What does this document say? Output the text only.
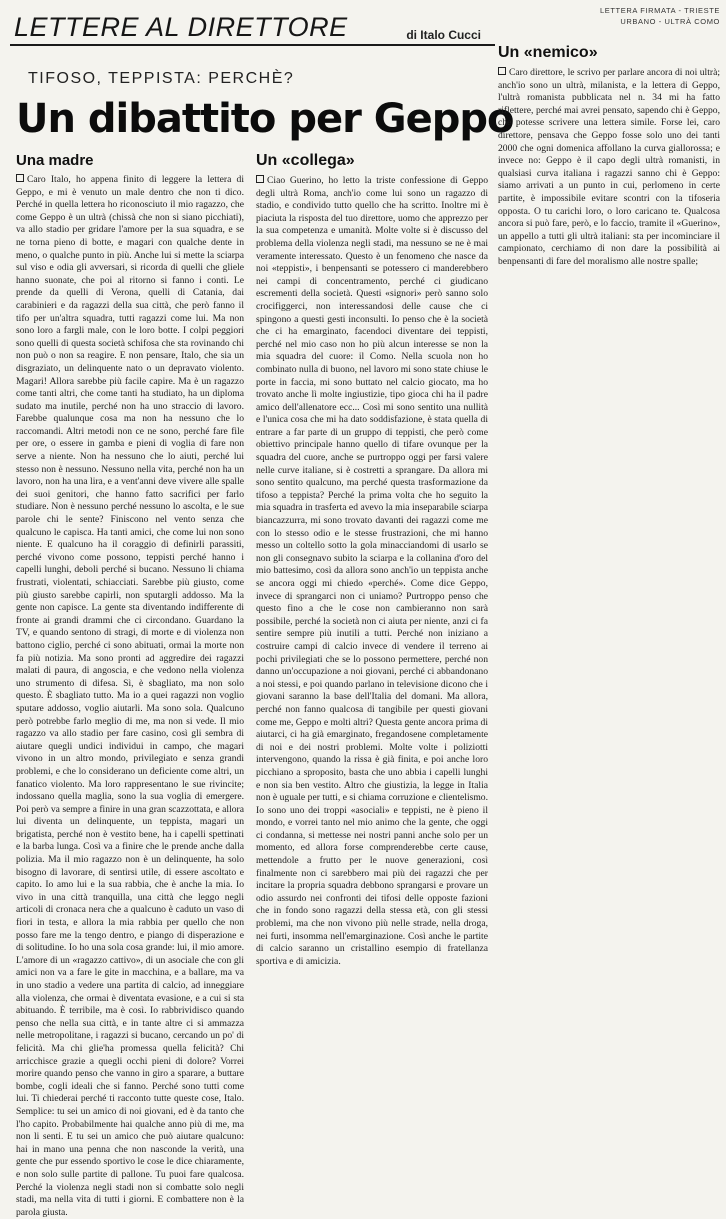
LETTERE AL DIRETTORE	di Italo Cucci
TIFOSO, TEPPISTA: PERCHÈ?
Un dibattito per Geppo
Una madre

Caro Italo, ho appena finito di leggere la lettera di Geppo, e mi è venuto un male dentro che non ti dico. Perché in quella lettera ho riconosciuto il mio ragazzo, che come Geppo è un ultrà (chissà che non si siano picchiati), va allo stadio per gridare l'amore per la sua squadra, e se ne torna pieno di botte, e magari con qualche dente in meno, o qualche punto in più. Anche lui si mette la sciarpa sul viso e odia gli avversari, si ricorda di quelli che gliele hanno suonate, che poi al ritorno si fanno i conti. Le prende da quelli di Verona, quelli di Catania, dai carabinieri e da ragazzi della sua città, che però fanno il tifo per un'altra squadra, tutti ragazzi come lui. Ma non sono loro a fargli male, con le loro botte. I colpi peggiori sono quelli di questa società schifosa che sta rovinando chi non può o non sa reagire. E non pensare, Italo, che sia un disgraziato, un delinquente nato o un depravato violento. Magari! Allora sarebbe più facile capire. Ma è un ragazzo come tanti altri, che come tanti ha studiato, ha un diploma sudato ma inutile, perché non ha uno straccio di lavoro. Farebbe qualunque cosa ma non ha nessuno che lo raccomandi. Altri metodi non ce ne sono, perché fare file per ore, o essere in gamba e pieni di voglia di fare non serve a niente. Non ha nessuno che lo aiuti, perché lui stesso non è nessuno. Nessuno nella vita, perché non ha un lavoro, non ha una lira, e a vent'anni deve vivere alle spalle dei suoi genitori, che hanno fatto sacrifici per farlo studiare. Non è nessuno perché nessuno lo ascolta, e le sue parole chi le sente? Finiscono nel vento senza che qualcuno le capisca. Ha tanti amici, che come lui non sono niente. E qualcuno ha il coraggio di definirli parassiti, perché vivono come possono, teppisti perché hanno i capelli lunghi, deboli perché si bucano. Nessuno li chiama frustrati, violentati, schiacciati. Sarebbe più giusto, come più giusto sarebbe capirli, non sputargli addosso. Ma la gente non capisce. La gente sta diventando indifferente di fronte ai grandi drammi che ci circondano. Guardano la TV, e quando sentono di stragi, di morte e di violenza non battono ciglio, perché ci sono abituati, ormai la morte non fa più notizia. Ma sono pronti ad aggredire dei ragazzi malati di paura, di angoscia, e che vedono nella violenza uno strumento di difesa. Sì, è sbagliato, ma non solo questo. È sbagliato tutto. Ma io a quei ragazzi non voglio sputare addosso, voglio aiutarli. Ma sono sola. Qualcuno però potrebbe farlo meglio di me, ma non si vede. Il mio ragazzo va allo stadio per fare casino, così gli sembra di aiutare quegli undici individui in campo, che magari vivono in un altro mondo, privilegiato e senza grandi problemi, e che lo considerano un deficiente come altri, un fanatico violento. Ma loro rappresentano le sue rivincite; indossano quella maglia, sono la sua voglia di emergere. Poi però va sempre a finire in una gran scazzottata, e allora lui diventa un delinquente, un teppista, magari un brigatista, perché non è vestito bene, ha i capelli spettinati e la barba lunga. Così va a finire che le prende anche dalla polizia. Ma il mio ragazzo non è un delinquente, ha solo bisogno di lavorare, di sentirsi utile, di essere ascoltato e capito. Io amo lui e la sua rabbia, che è anche la mia. Io vivo in una città tranquilla, una città che leggo negli articoli di cronaca nera che a qualcuno è caduto un vaso di fiori in testa, e allora la mia rabbia per quello che non posso fare me la tengo dentro, e piango di disperazione e di solitudine. Io ho una sola cosa grande: lui, il mio amore. L'amore di un «ragazzo cattivo», di un asociale che con gli amici non va a fare le gite in macchina, e a ballare, ma va in uno stadio a vedere una partita di calcio, ad inneggiare alla violenza, che ormai è diventata evasione, e a cui si sta abituando. È terribile, ma è così. Io rabbrividisco quando penso che nella sua città, e in tante altre ci si ammazza nelle metropolitane, i ragazzi si bucano, cercando un po' di felicità. Ma chi glie'ha promessa quella felicità? Chi arricchisce grazie a quegli occhi pieni di dolore? Vorrei morire quando penso che vanno in giro a sparare, a buttare bombe, cogli ideali che si fanno. Perché sono tutti come lui. Ti chiederai perché ti racconto tutte queste cose, Italo. Semplice: tu sei un amico di noi giovani, ed è da tanto che l'ho capito. Probabilmente hai qualche anno più di me, ma non li senti. E tu sei un amico che può aiutare qualcuno: hai in mano una penna che non nasconde la verità, una gente che pur essendo sportivo le cose le dice chiaramente, e non solo sulle partite di pallone. Tu puoi fare qualcosa. Perché la violenza negli stadi non si combatte solo negli stadi, ma nella vita di tutti i giorni. E combattere non è la parola giusta.

Un «collega»

Ciao Guerino, ho letto la triste confessione di Geppo degli ultrà Roma, anch'io come lui sono un ragazzo di stadio, e condivido tutto quello che ha scritto. Inoltre mi è piaciuta la risposta del tuo direttore, uomo che apprezzo per la sua competenza e umanità. Molte volte si è discusso del problema della violenza negli stadi, ma nessuno se ne è mai veramente interessato. Questo è un fenomeno che nasce da noi «teppisti», i benpensanti se potessero ci manderebbero nei campi di concentramento, perché ci giudicano escrementi della società. Questi «signori» però sanno solo crocifiggerci, non interessandosi delle cause che ci spingono a questi gesti inconsulti. Io penso che è la società che ci ha emarginato, facendoci diventare dei teppisti, perché nel mio caso non ho più alcun interesse se non la mia squadra del cuore: il Como. Nella scuola non ho combinato nulla di buono, nel lavoro mi sono state chiuse le porte in faccia, mi sono buttato nel calcio giocato, ma ho trovato anche lì molte ingiustizie, tipo gioca chi ha il padre amico dell'allenatore ecc... Così mi sono sentito una nullità e l'unica cosa che mi ha dato soddisfazione, è stata quella di entrare a far parte di un gruppo di teppisti, che però come obiettivo principale hanno quello di tifare ovunque per la squadra del cuore, anche se purtroppo oggi per farsi valere nelle curve italiane, si è costretti a sprangare. Da allora mi sono sentito qualcuno, ma perché questa trasformazione da tifoso a teppista? Perché la prima volta che ho seguito la mia squadra in trasferta ed avevo la mia inseparabile sciarpa biancazzurra, mi sono trovato davanti dei ragazzi come me con lo stesso odio e le stesse frustrazioni, che mi hanno messo un coltello sotto la gola minacciandomi di usarlo se non gli consegnavo subito la sciarpa e la collanina d'oro del mio battesimo, così da allora sono anch'io un teppista anche se ancora oggi mi chiedo «perché». Come dice Geppo, invece di sprangarci non ci uniamo? Purtroppo penso che questo fino a che le cose non cambieranno non sarà possibile, perché la società non ci aiuta per niente, anzi ci fa sentire sempre più inutili a tutti. Perché non iniziano a costruire campi di calcio invece di vendere il terreno ai pochi privilegiati che se lo possono permettere, perché non danno un'occupazione a noi giovani, perché ci abbandonano a noi stessi, e poi quando parlano in televisione dicono che i giovani saranno la base dell'Italia del domani. Ma allora, perché non fanno qualcosa di tangibile per questi giovani come me, Geppo e molti altri? Questa gente ancora prima di aiutarci, ci ha già emarginato, fregandosene completamente di noi e dei nostri problemi. Molte volte i poliziotti intervengono, quando la rissa è già finita, e poi anche loro picchiano a sproposito, basta che uno abbia i capelli lunghi e non sia ben vestito. Altro che giustizia, la legge in Italia non è uguale per tutti, e si chiama corruzione e clientelismo. Io sono uno dei troppi «asociali» e teppisti, ne è pieno il mondo, e vorrei tanto nel mio animo che la gente, che oggi ci condanna, si mettesse nei nostri panni anche solo per un momento, ed allora forse comprenderebbe certe cause, mettendole a frutto per le nuove generazioni, così finalmente non ci sarebbero mai più dei ragazzi che per incitare la propria squadra debbono sprangarsi e provare un odio assurdo nei confronti dei tifosi delle opposte fazioni che in fondo sono ragazzi della stessa età, con gli stessi problemi, ma che non vivono più nelle strade, nella droga, nei furti, insomma nell'emarginazione. Così anche le partite di calcio saranno un cristallino esempio di fratellanza sportiva e di amicizia.

LETTERA FIRMATA - TRIESTE

URBANO - ULTRÀ COMO

Un «nemico»

Caro direttore, le scrivo per parlare ancora di noi ultrà; anch'io sono un ultrà, milanista, e la lettera di Geppo, l'ultrà romanista pubblicata nel n. 34 mi ha fatto riflettere, perché mai avrei pensato, sapendo chi è Geppo, che potesse scrivere una lettera simile. Forse lei, caro direttore, pensava che Geppo fosse solo uno dei tanti 2000 che ogni domenica affollano la curva giallorossa; e invece no: Geppo è il capo degli ultrà romanisti, in qualsiasi curva italiana i ragazzi sanno chi è Geppo: siamo arrivati a un punto in cui, perlomeno in certe partite, è impossibile evitare scontri con la tifoseria opposta. O tu carichi loro, o loro caricano te. Qualcosa ancora si può fare, però, e lo faccio, tramite il «Guerino», un appello a tutti gli ultrà italiani: sta per incominciare il campionato, cerchiamo di non dare la possibilità ai benpensanti di fare del moralismo alle nostre spalle;
